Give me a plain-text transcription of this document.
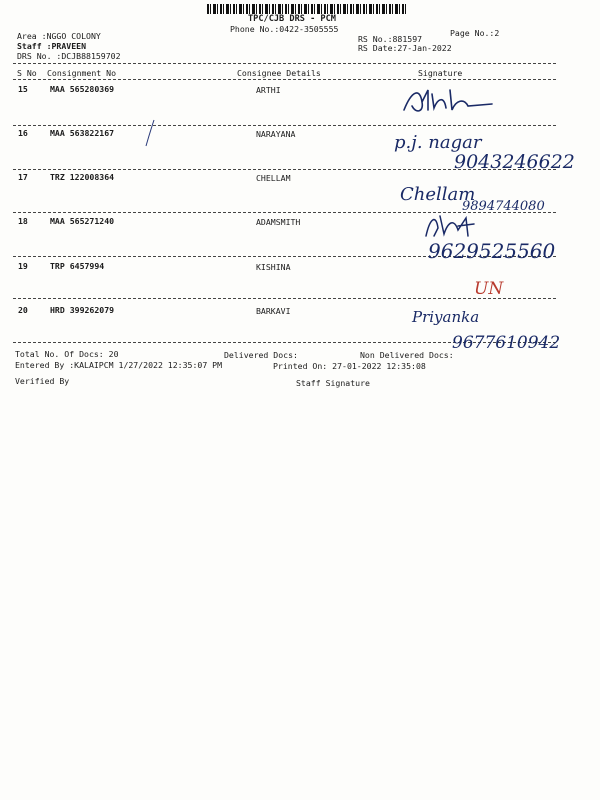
TPC/CJB DRS - PCM
Phone No.:0422-3505555
Area :NGGO COLONY
Staff :PRAVEEN
DRS No. :DCJB88159702
Page No.:2
RS No.:881597
RS Date:27-Jan-2022
S No Consignment No	Consignee Details	Signature
15	MAA 565280369	ARTHI
16	MAA 563822167	NARAYANA
17	TRZ 122008364	CHELLAM
18	MAA 565271240	ADAMSMITH
19	TRP 6457994	KISHINA
20	HRD 399262079	BARKAVI
p.j. nagar
9043246622
Chellam
9894744080
9629525560
UN
Priyanka
9677610942
Total No. Of Docs: 20	Delivered Docs:	Non Delivered Docs:
Entered By :KALAIPCM 1/27/2022 12:35:07 PM	Printed On: 27-01-2022 12:35:08
Verified By	Staff Signature
